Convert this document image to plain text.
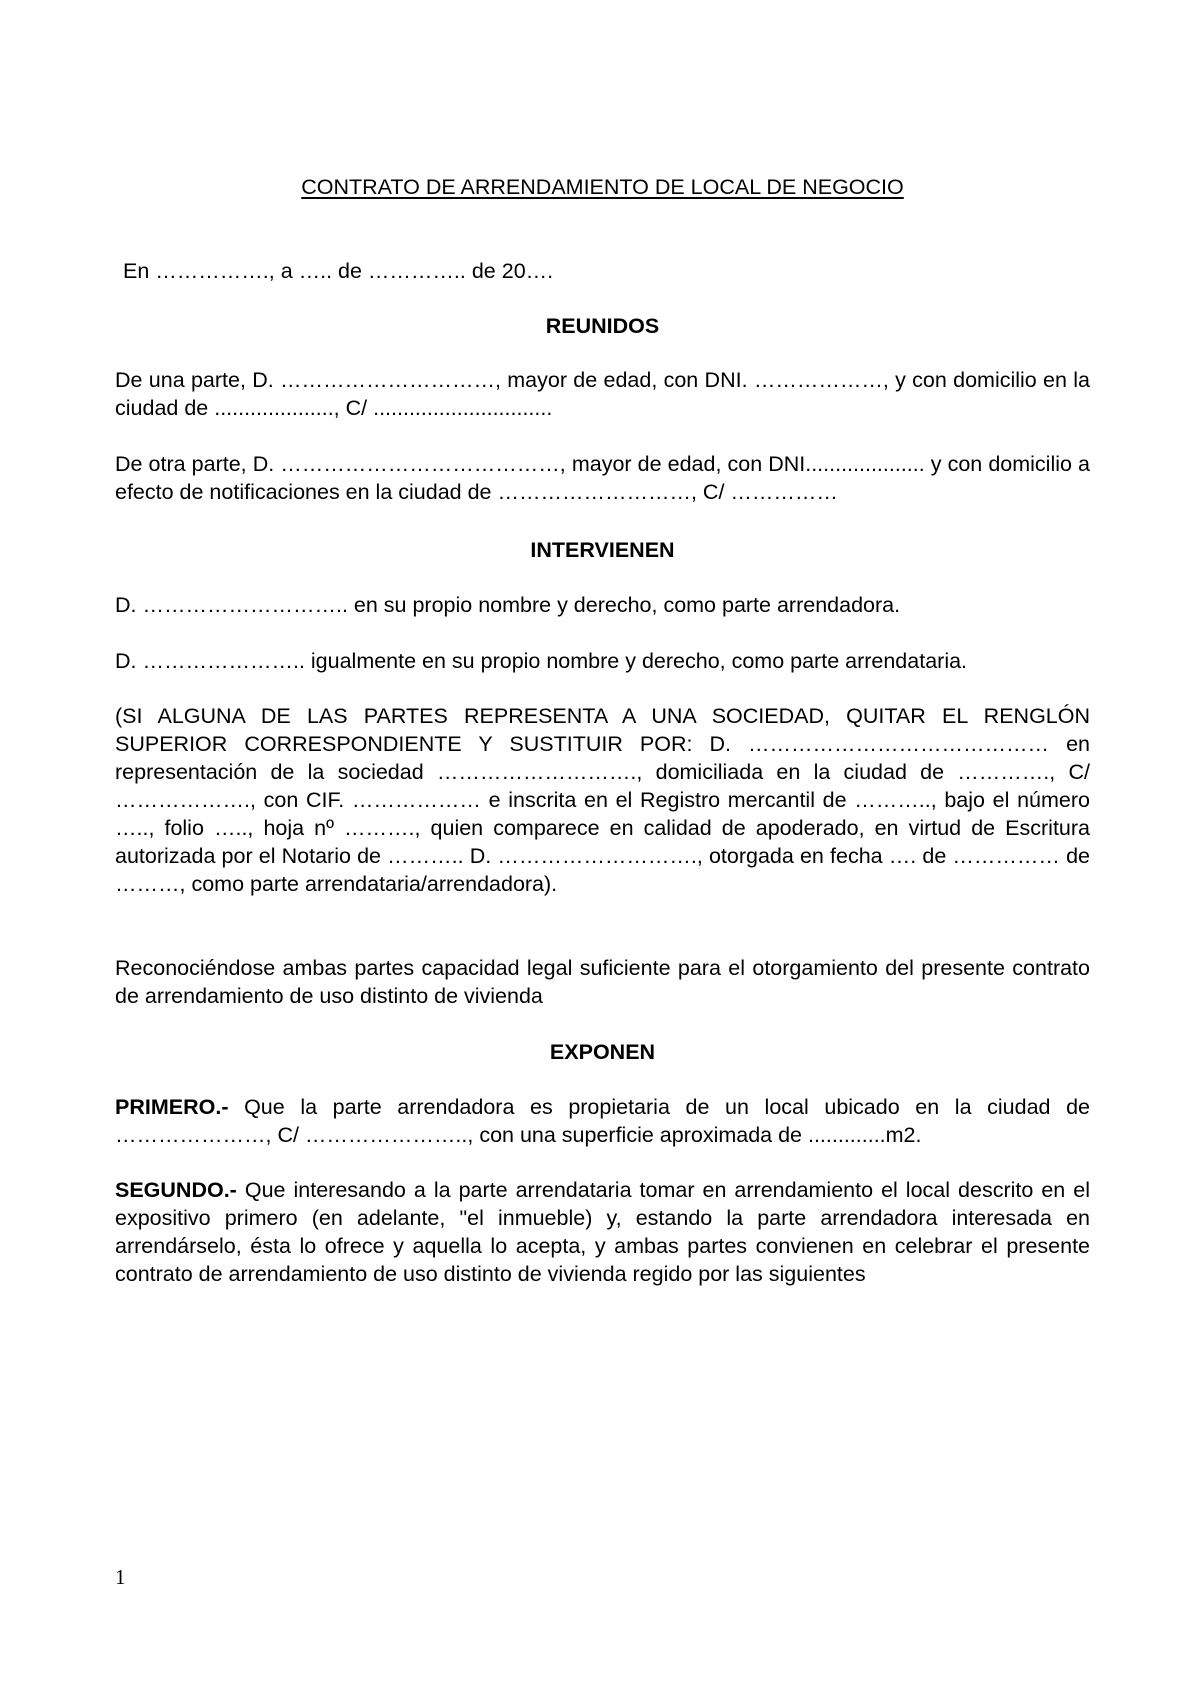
CONTRATO DE ARRENDAMIENTO DE LOCAL DE NEGOCIO
En ……………., a ….. de ………….. de 20….
REUNIDOS
De una parte, D. …………………………, mayor de edad, con DNI. ………………, y con domicilio en la ciudad de ...................., C/ ..............................
De otra parte, D. …………………………………, mayor de edad, con DNI.................... y con domicilio a efecto de notificaciones en la ciudad de ………………………, C/ ……………
INTERVIENEN
D. ……………………….. en su propio nombre y derecho, como parte arrendadora.
D. ………………….. igualmente en su propio nombre y derecho, como parte arrendataria.
(SI ALGUNA DE LAS PARTES REPRESENTA A UNA SOCIEDAD, QUITAR EL RENGLÓN SUPERIOR CORRESPONDIENTE Y SUSTITUIR POR: D. …………………………………… en representación de la sociedad ………………………., domiciliada en la ciudad de …………., C/ ………………., con CIF. ……………… e inscrita en el Registro mercantil de ……….., bajo el número ….., folio ….., hoja nº ………., quien comparece en calidad de apoderado, en virtud de Escritura autorizada por el Notario de ……….. D. ………………………., otorgada en fecha …. de …………… de ………, como parte arrendataria/arrendadora).
Reconociéndose ambas partes capacidad legal suficiente para el otorgamiento del presente contrato de arrendamiento de uso distinto de vivienda
EXPONEN
PRIMERO.- Que la parte arrendadora es propietaria de un local ubicado en la ciudad de …………………, C/ ………………….., con una superficie aproximada de .............m2.
SEGUNDO.- Que interesando a la parte arrendataria tomar en arrendamiento el local descrito en el expositivo primero (en adelante, "el inmueble) y, estando la parte arrendadora interesada en arrendárselo, ésta lo ofrece y aquella lo acepta, y ambas partes convienen en celebrar el presente contrato de arrendamiento de uso distinto de vivienda regido por las siguientes
1
